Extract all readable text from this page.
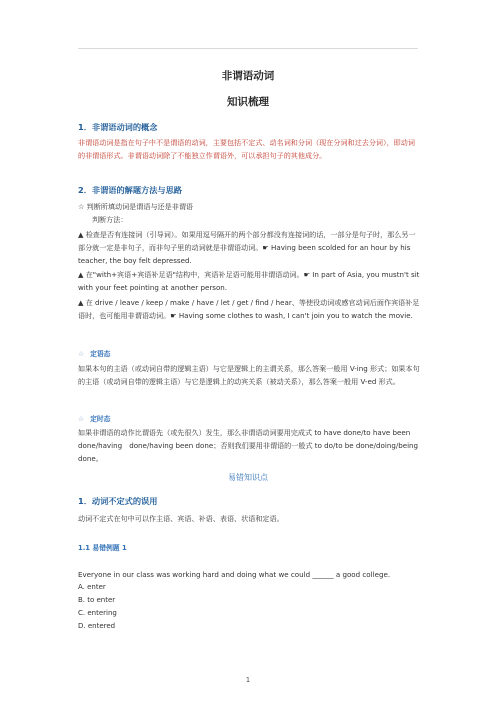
非谓语动词
知识梳理
1．非谓语动词的概念
非谓语动词是指在句子中不是谓语的动词，主要包括不定式、动名词和分词（现在分词和过去分词），即动词的非谓语形式。非谓语动词除了不能独立作谓语外，可以承担句子的其他成分。
2．非谓语的解题方法与思路
☆ 判断所填动词是谓语与还是非谓语
判断方法：
▲ 检查是否有连接词（引导词）。如果用逗号隔开的两个部分都没有连接词的话，一部分是句子时，那么另一部分就一定是非句子，而非句子里的动词就是非谓语动词。☛ Having been scolded for an hour by his teacher, the boy felt depressed.
▲ 在"with+宾语+宾语补足语"结构中，宾语补足语可能用非谓语动词。☛ In part of Asia, you mustn't sit with your feet pointing at another person.
▲ 在 drive / leave / keep / make / have / let / get / find / hear、等使役动词或感官动词后面作宾语补足语时，也可能用非谓语动词。☛ Having some clothes to wash, I can't join you to watch the movie.
☆ 定语态
如果本句的主语（或动词自带的逻辑主语）与它是逻辑上的主谓关系，那么答案一般用 V-ing 形式；如果本句的主语（或动词自带的逻辑主语）与它是逻辑上的动宾关系（被动关系），那么答案一般用 V-ed 形式。
☆ 定时态
如果非谓语的动作比谓语先（或先很久）发生，那么非谓语动词要用完成式 to have done/to have been done/having　done/having been done；否则我们要用非谓语的一般式 to do/to be done/doing/being done。
易错知识点
1．动词不定式的误用
动词不定式在句中可以作主语、宾语、补语、表语、状语和定语。
1.1 易错例题 1
Everyone in our class was working hard and doing what we could ______ a good college.
A. enter
B. to enter
C. entering
D. entered
1
